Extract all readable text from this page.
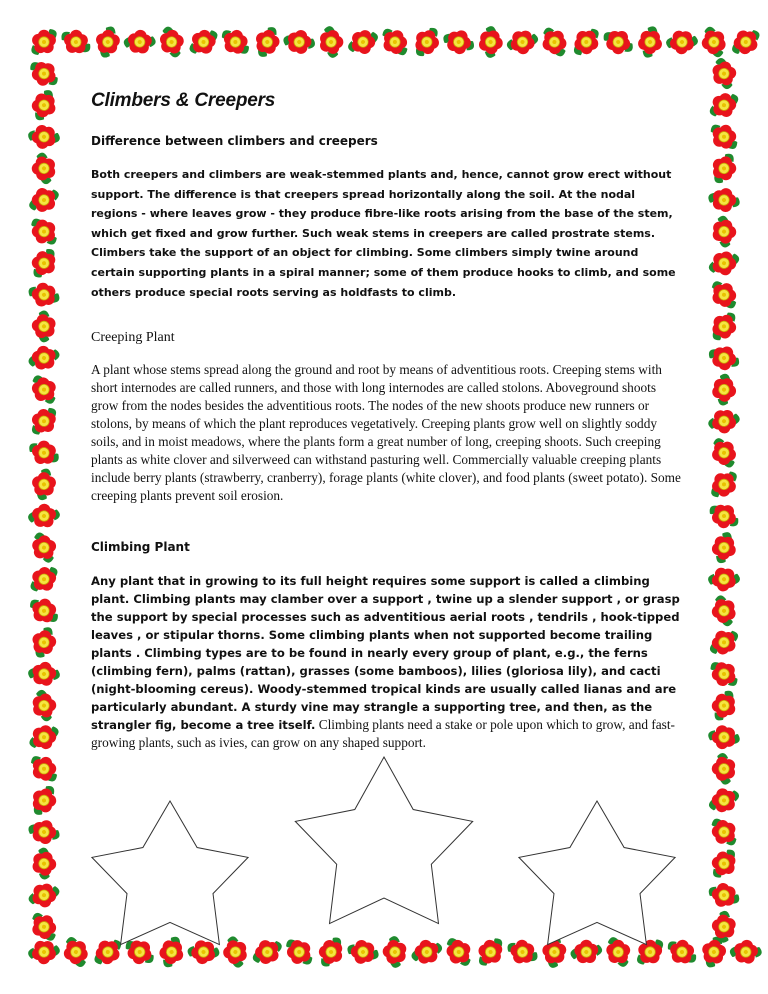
Climbers & Creepers

Difference between climbers and creepers

Both creepers and climbers are weak-stemmed plants and, hence, cannot grow erect without support. The difference is that creepers spread horizontally along the soil. At the nodal regions - where leaves grow - they produce fibre-like roots arising from the base of the stem, which get fixed and grow further. Such weak stems in creepers are called prostrate stems. Climbers take the support of an object for climbing. Some climbers simply twine around certain supporting plants in a spiral manner; some of them produce hooks to climb, and some others produce special roots serving as holdfasts to climb.

Creeping Plant

A plant whose stems spread along the ground and root by means of adventitious roots. Creeping stems with short internodes are called runners, and those with long internodes are called stolons. Aboveground shoots grow from the nodes besides the adventitious roots. The nodes of the new shoots produce new runners or stolons, by means of which the plant reproduces vegetatively. Creeping plants grow well on slightly soddy soils, and in moist meadows, where the plants form a great number of long, creeping shoots. Such creeping plants as white clover and silverweed can withstand pasturing well. Commercially valuable creeping plants include berry plants (strawberry, cranberry), forage plants (white clover), and food plants (sweet potato). Some creeping plants prevent soil erosion.

Climbing Plant

Any plant that in growing to its full height requires some support is called a climbing plant. Climbing plants may clamber over a support , twine up a slender support , or grasp the support by special processes such as adventitious aerial roots , tendrils , hook-tipped leaves , or stipular thorns. Some climbing plants when not supported become trailing plants . Climbing types are to be found in nearly every group of plant, e.g., the ferns (climbing fern), palms (rattan), grasses (some bamboos), lilies (gloriosa lily), and cacti (night-blooming cereus). Woody-stemmed tropical kinds are usually called lianas and are particularly abundant. A sturdy vine may strangle a supporting tree, and then, as the strangler fig, become a tree itself. Climbing plants need a stake or pole upon which to grow, and fast-growing plants, such as ivies, can grow on any shaped support.
